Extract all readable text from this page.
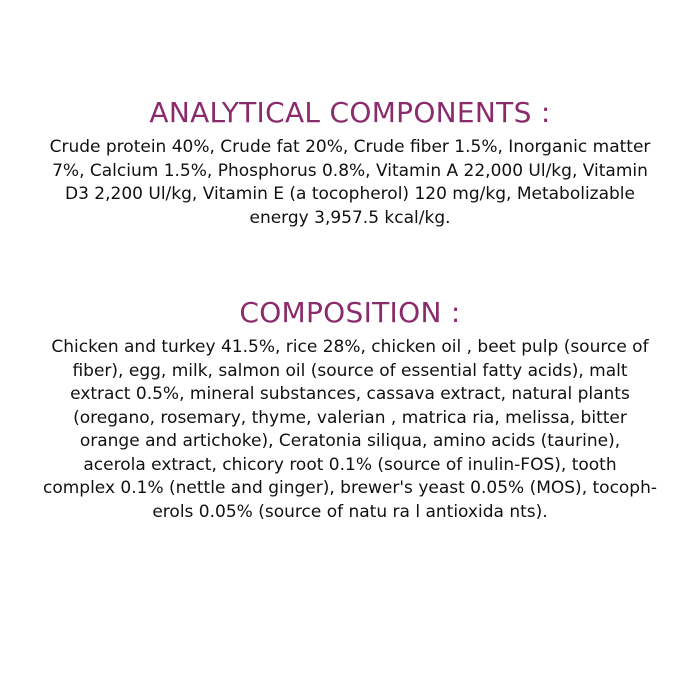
ANALYTICAL COMPONENTS :

Crude protein 40%, Crude fat 20%, Crude fiber 1.5%, Inorganic matter
7%, Calcium 1.5%, Phosphorus 0.8%, Vitamin A 22,000 Ul/kg, Vitamin
D3 2,200 Ul/kg, Vitamin E (a tocopherol) 120 mg/kg, Metabolizable
energy 3,957.5 kcal/kg.

COMPOSITION :

Chicken and turkey 41.5%, rice 28%, chicken oil , beet pulp (source of
fiber), egg, milk, salmon oil (source of essential fatty acids), malt
extract 0.5%, mineral substances, cassava extract, natural plants
(oregano, rosemary, thyme, valerian , matrica ria, melissa, bitter
orange and artichoke), Ceratonia siliqua, amino acids (taurine),
acerola extract, chicory root 0.1% (source of inulin-FOS), tooth
complex 0.1% (nettle and ginger), brewer's yeast 0.05% (MOS), tocoph-
erols 0.05% (source of natu ra l antioxida nts).
